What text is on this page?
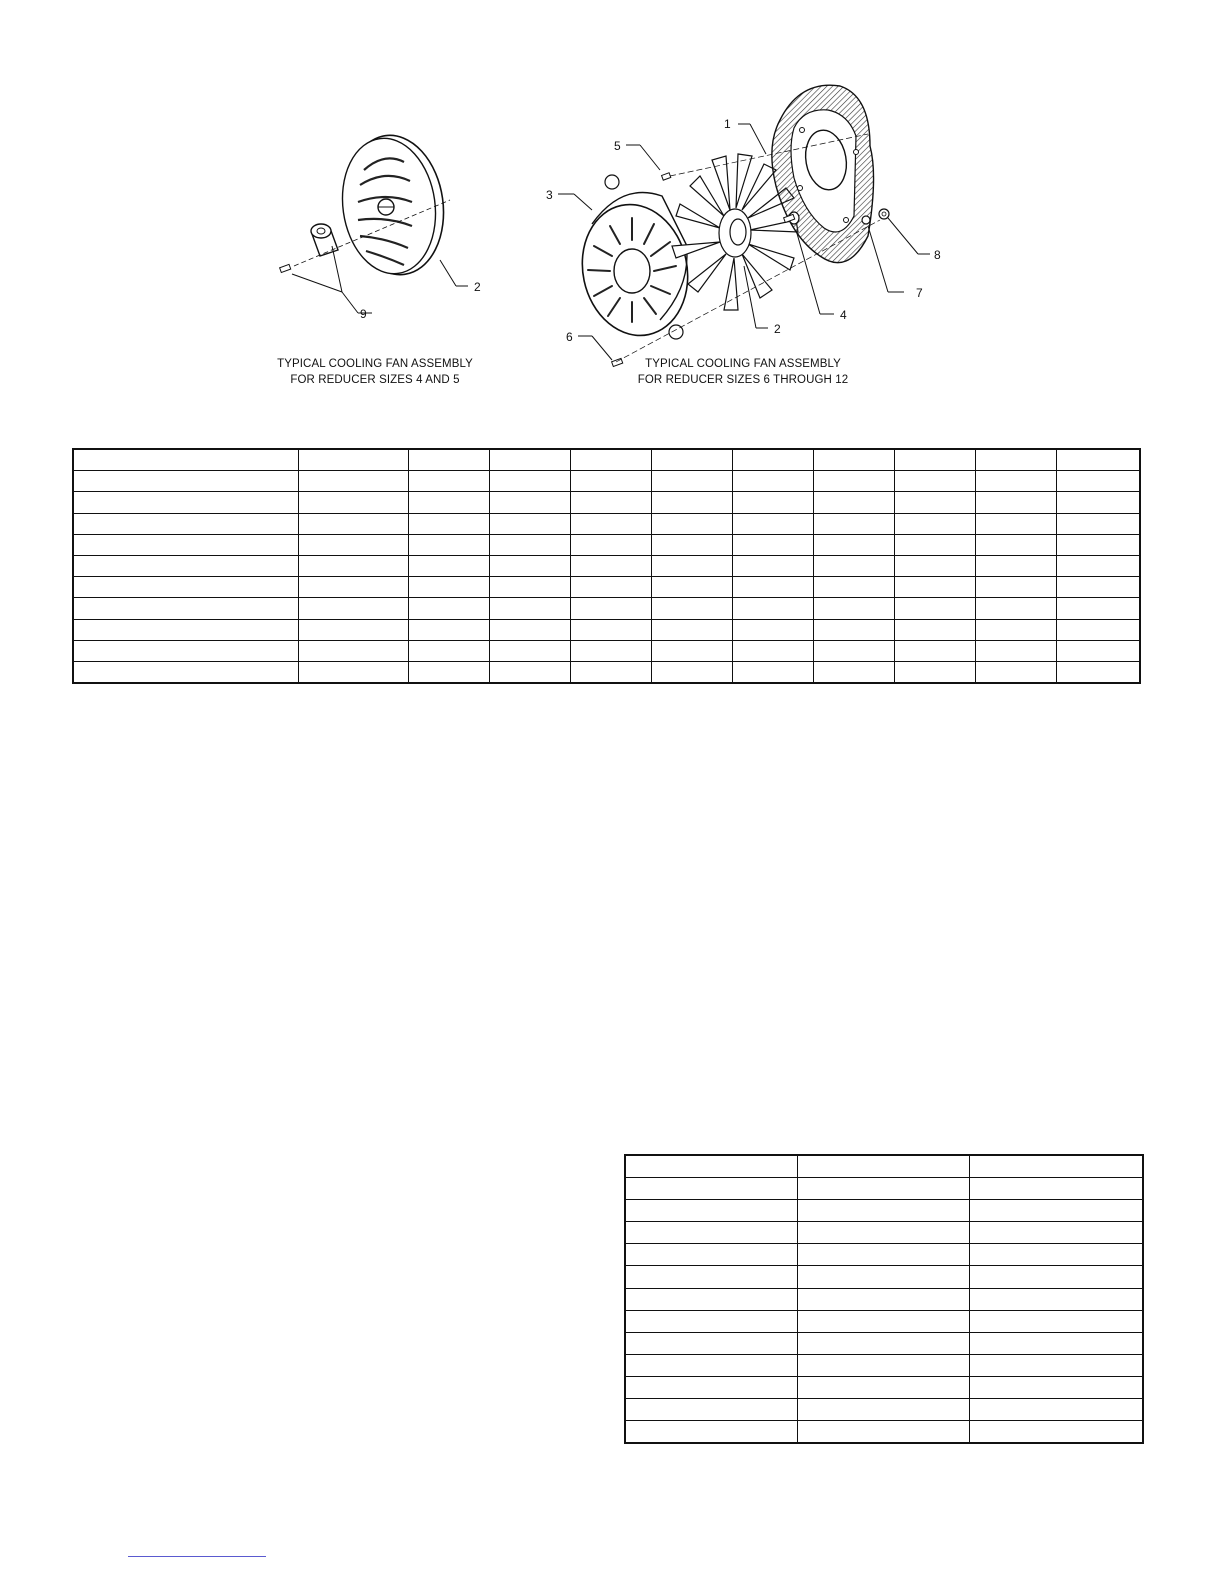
9
2
1
5
3
2
4
7
8
6
TYPICAL COOLING FAN ASSEMBLY
FOR REDUCER SIZES 4 AND 5
TYPICAL COOLING FAN ASSEMBLY
FOR REDUCER SIZES 6 THROUGH 12
